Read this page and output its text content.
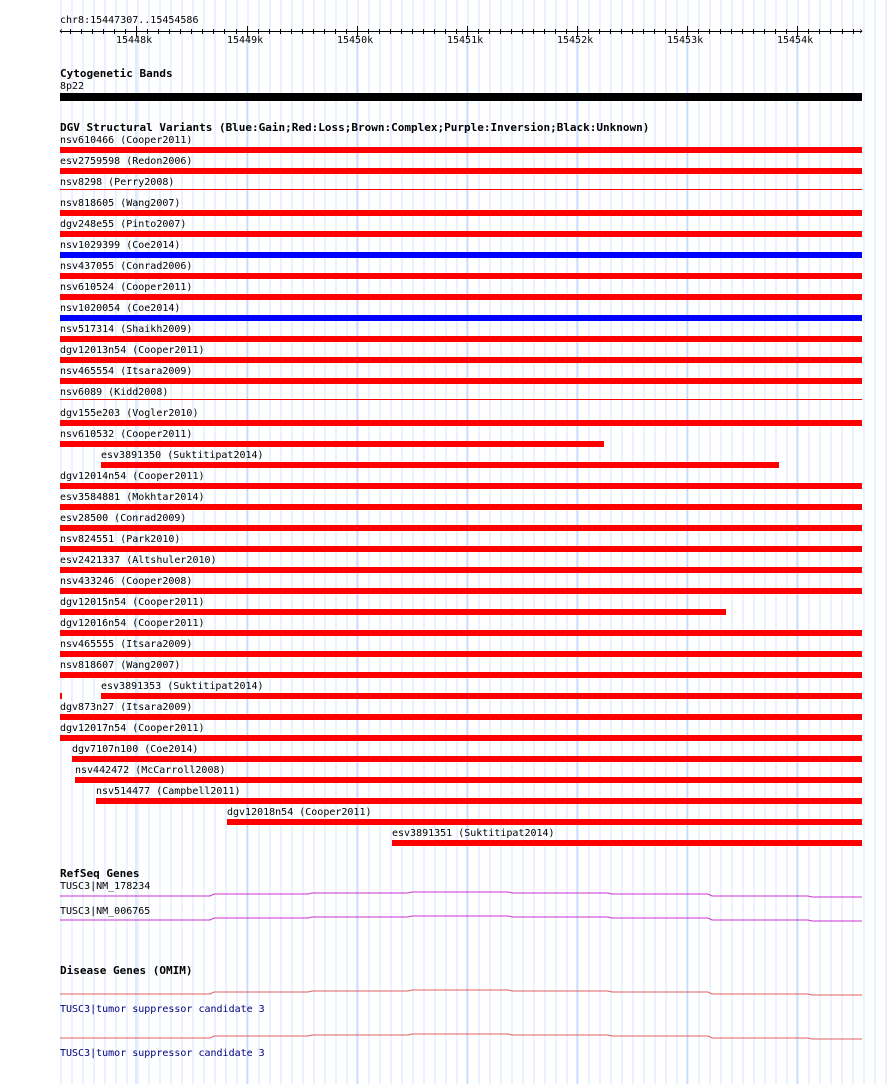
chr8:15447307..15454586
‹	›
15448k	15449k	15450k	15451k	15452k	15453k	15454k
Cytogenetic Bands
8p22
DGV Structural Variants (Blue:Gain;Red:Loss;Brown:Complex;Purple:Inversion;Black:Unknown)
nsv610466 (Cooper2011)
esv2759598 (Redon2006)
nsv8298 (Perry2008)
nsv818605 (Wang2007)
dgv248e55 (Pinto2007)
nsv1029399 (Coe2014)
nsv437055 (Conrad2006)
nsv610524 (Cooper2011)
nsv1020054 (Coe2014)
nsv517314 (Shaikh2009)
dgv12013n54 (Cooper2011)
nsv465554 (Itsara2009)
nsv6089 (Kidd2008)
dgv155e203 (Vogler2010)
nsv610532 (Cooper2011)
esv3891350 (Suktitipat2014)
dgv12014n54 (Cooper2011)
esv3584881 (Mokhtar2014)
esv28500 (Conrad2009)
nsv824551 (Park2010)
esv2421337 (Altshuler2010)
nsv433246 (Cooper2008)
dgv12015n54 (Cooper2011)
dgv12016n54 (Cooper2011)
nsv465555 (Itsara2009)
nsv818607 (Wang2007)
esv3891353 (Suktitipat2014)
dgv873n27 (Itsara2009)
dgv12017n54 (Cooper2011)
dgv7107n100 (Coe2014)
nsv442472 (McCarroll2008)
nsv514477 (Campbell2011)
dgv12018n54 (Cooper2011)
esv3891351 (Suktitipat2014)
RefSeq Genes
TUSC3|NM_178234
TUSC3|NM_006765
Disease Genes (OMIM)
TUSC3|tumor suppressor candidate 3
TUSC3|tumor suppressor candidate 3
